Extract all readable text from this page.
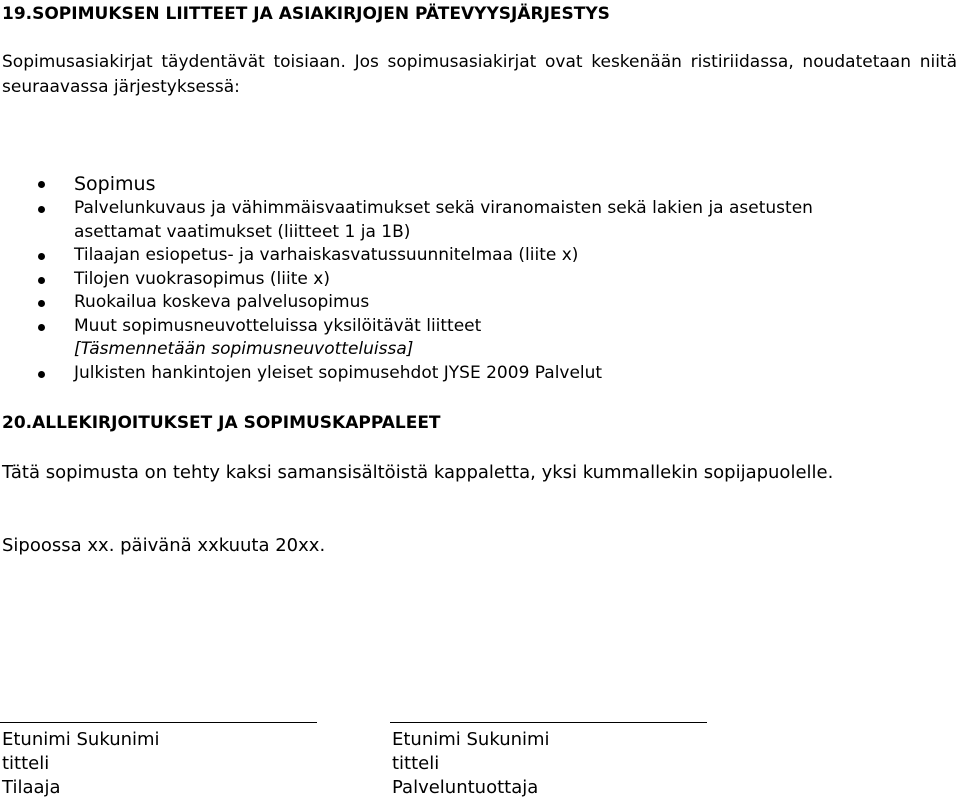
19.SOPIMUKSEN LIITTEET JA ASIAKIRJOJEN PÄTEVYYSJÄRJESTYS

Sopimusasiakirjat täydentävät toisiaan. Jos sopimusasiakirjat ovat keskenään ristiriidassa, noudatetaan niitä seuraavassa järjestyksessä:

Sopimus
Palvelunkuvaus ja vähimmäisvaatimukset sekä viranomaisten sekä lakien ja asetusten
asettamat vaatimukset (liitteet 1 ja 1B)
Tilaajan esiopetus- ja varhaiskasvatussuunnitelmaa (liite x)
Tilojen vuokrasopimus (liite x)
Ruokailua koskeva palvelusopimus
Muut sopimusneuvotteluissa yksilöitävät liitteet
[Täsmennetään sopimusneuvotteluissa]
Julkisten hankintojen yleiset sopimusehdot JYSE 2009 Palvelut
20.ALLEKIRJOITUKSET JA SOPIMUSKAPPALEET

Tätä sopimusta on tehty kaksi samansisältöistä kappaletta, yksi kummallekin sopijapuolelle.

Sipoossa xx. päivänä xxkuuta 20xx.

Etunimi Sukunimi
titteli
Tilaaja
Etunimi Sukunimi
titteli
Palveluntuottaja
